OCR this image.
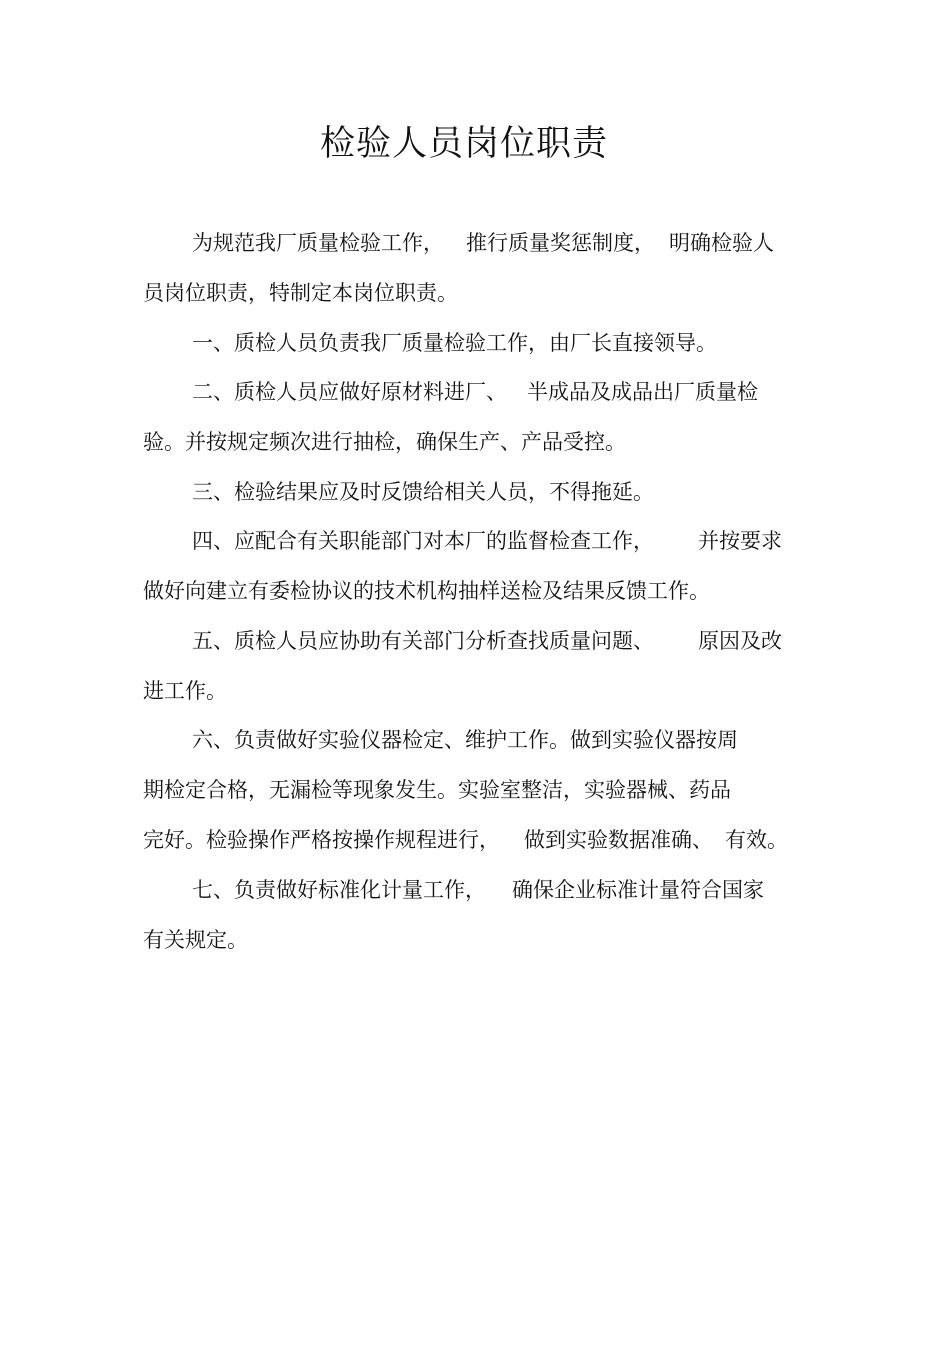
检验人员岗位职责
为规范我厂质量检验工作， 推行质量奖惩制度， 明确检验人
员岗位职责，特制定本岗位职责。
一、质检人员负责我厂质量检验工作，由厂长直接领导。
二、质检人员应做好原材料进厂、 半成品及成品出厂质量检
验。并按规定频次进行抽检，确保生产、产品受控。
三、检验结果应及时反馈给相关人员，不得拖延。
四、应配合有关职能部门对本厂的监督检查工作， 并按要求
做好向建立有委检协议的技术机构抽样送检及结果反馈工作。
五、质检人员应协助有关部门分析查找质量问题、 原因及改
进工作。
六、负责做好实验仪器检定、维护工作。做到实验仪器按周
期检定合格，无漏检等现象发生。实验室整洁，实验器械、药品
完好。检验操作严格按操作规程进行， 做到实验数据准确、 有效。
七、负责做好标准化计量工作， 确保企业标准计量符合国家
有关规定。
